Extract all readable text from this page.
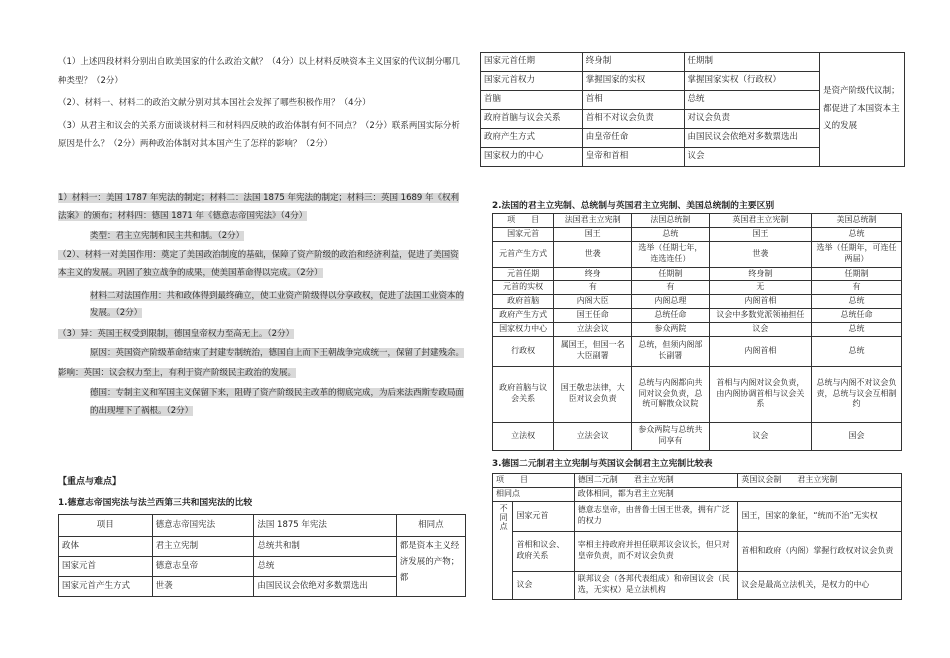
（1）上述四段材料分别出自欧美国家的什么政治文献？（4分）以上材料反映资本主义国家的代议制分哪几种类型？（2分）

（2）、材料一、材料二的政治文献分别对其本国社会发挥了哪些积极作用？（4分）

（3）从君主和议会的关系方面谈谈材料三和材料四反映的政治体制有何不同点？（2分）联系两国实际分析原因是什么？（2分）两种政治体制对其本国产生了怎样的影响？（2分）

1）材料一：美国 1787 年宪法的制定；材料二：法国 1875 年宪法的制定；材料三：英国 1689 年《权利法案》的颁布；材料四：德国 1871 年《德意志帝国宪法》（4分）

类型：君主立宪制和民主共和制。（2分）

（2）、材料一对美国作用：奠定了美国政治制度的基础，保障了资产阶级的政治和经济利益，促进了美国资本主义的发展。巩固了独立战争的成果，使美国革命得以完成。（2分）

材料二对法国作用：共和政体得到最终确立，使工业资产阶级得以分享政权，促进了法国工业资本的发展。（2分）

（3）异：英国王权受到限制，德国皇帝权力至高无上。（2分）

原因：英国资产阶级革命结束了封建专制统治，德国自上而下王朝战争完成统一，保留了封建残余。

影响：英国：议会权力至上，有利于资产阶级民主政治的发展。

德国：专制主义和军国主义保留下来，阻碍了资产阶级民主改革的彻底完成，为后来法西斯专政局面的出现埋下了祸根。（2分）

【重点与难点】
1.德意志帝国宪法与法兰西第三共和国宪法的比较
项目	德意志帝国宪法	法国 1875 年宪法	相同点
政体	君主立宪制	总统共和制	都是资本主义经济发展的产物；都
国家元首	德意志皇帝	总统	
国家元首产生方式	世袭	由国民议会依绝对多数票选出	
国家元首任期	终身制	任期制	是资产阶级代议制；都促进了本国资本主义的发展
国家元首权力	掌握国家的实权	掌握国家实权（行政权）	
首脑	首相	总统	
政府首脑与议会关系	首相不对议会负责	对议会负责	
政府产生方式	由皇帝任命	由国民议会依绝对多数票选出	
国家权力的中心	皇帝和首相	议会	
2.法国的君主立宪制、总统制与英国君主立宪制、美国总统制的主要区别
项　　目	法国君主立宪制	法国总统制	英国君主立宪制	美国总统制
国家元首	国王	总统	国王	总统
元首产生方式	世袭	选举（任期七年，连选连任）	世袭	选举（任期年，可连任两届）
元首任期	终身	任期制	终身制	任期制
元首的实权	有	有	无	有
政府首脑	内阁大臣	内阁总理	内阁首相	总统
政府产生方式	国王任命	总统任命	议会中多数党派领袖担任	总统任命
国家权力中心	立法会议	参众两院	议会	总统
行政权	属国王，但国一名大臣副署	总统，但须内阁部长副署	内阁首相	总统
政府首脑与议会关系	国王敬忠法律，大臣对议会负责	总统与内阁都向共同对议会负责，总统可解散众议院	首相与内阁对议会负责，由内阁协调首相与议会关系	总统与内阁不对议会负责，总统与议会互相制约
立法权	立法会议	参众两院与总统共同享有	议会	国会
3.德国二元制君主立宪制与英国议会制君主立宪制比较表
项　　目		德国二元制　　君主立宪制	英国议会制　　君主立宪制
相同点		政体相同，都为君主立宪制	
不同点	国家元首	德意志皇帝，由普鲁士国王世袭，拥有广泛的权力	国王，国家的象征，“统而不治”无实权
	首相和议会、政府关系	宰相主持政府并担任联邦议会议长，但只对皇帝负责，而不对议会负责	首相和政府（内阁）掌握行政权对议会负责
	议会	联邦议会（各邦代表组成）和帝国议会（民选，无实权）是立法机构	议会是最高立法机关，是权力的中心
